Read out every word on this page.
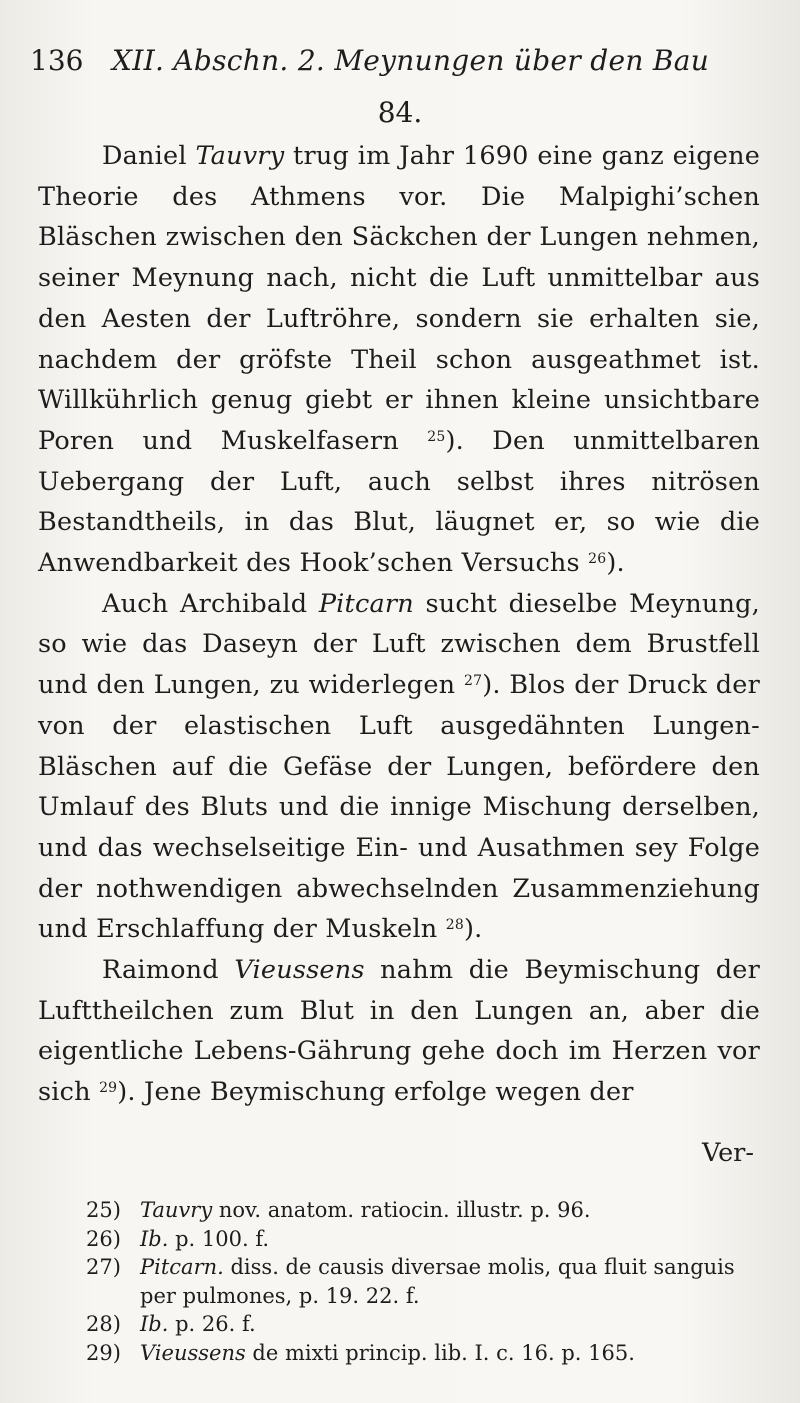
136 XII. Abschn. 2. Meynungen über den Bau
84.

Daniel Tauvry trug im Jahr 1690 eine ganz eigene Theorie des Athmens vor. Die Malpighi’schen Bläschen zwischen den Säckchen der Lungen nehmen, seiner Meynung nach, nicht die Luft unmittelbar aus den Aesten der Luftröhre, sondern sie erhalten sie, nachdem der gröfste Theil schon ausgeathmet ist. Willkührlich genug giebt er ihnen kleine unsichtbare Poren und Muskelfasern $^{25}$). Den unmittelbaren Uebergang der Luft, auch selbst ihres nitrösen Bestandtheils, in das Blut, läugnet er, so wie die Anwendbarkeit des Hook’schen Versuchs $^{26}$).

Auch Archibald Pitcarn sucht dieselbe Meynung, so wie das Daseyn der Luft zwischen dem Brustfell und den Lungen, zu widerlegen $^{27}$). Blos der Druck der von der elastischen Luft ausgedähnten Lungen-Bläschen auf die Gefäse der Lungen, befördere den Umlauf des Bluts und die innige Mischung derselben, und das wechselseitige Ein- und Ausathmen sey Folge der nothwendigen abwechselnden Zusammenziehung und Erschlaffung der Muskeln $^{28}$).

Raimond Vieussens nahm die Beymischung der Lufttheilchen zum Blut in den Lungen an, aber die eigentliche Lebens-Gährung gehe doch im Herzen vor sich $^{29}$). Jene Beymischung erfolge wegen der

Ver-
25) Tauvry nov. anatom. ratiocin. illustr. p. 96.
26) Ib. p. 100. f.
27) Pitcarn. diss. de causis diversae molis, qua fluit sanguis per pulmones, p. 19. 22. f.
28) Ib. p. 26. f.
29) Vieussens de mixti princip. lib. I. c. 16. p. 165.
